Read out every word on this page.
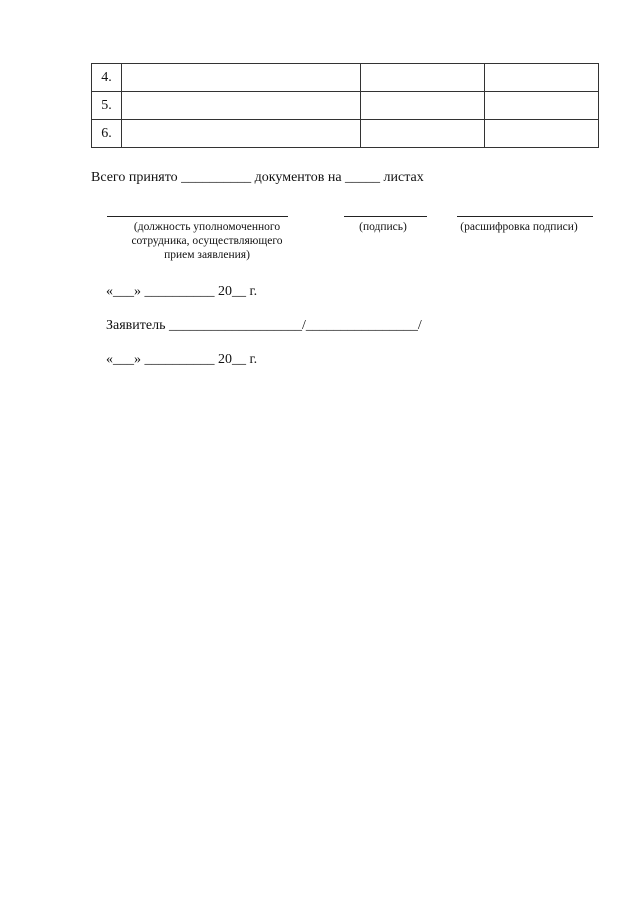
4.			
5.			
6.			
Всего принято __________ документов на _____ листах
(должность уполномоченного
сотрудника, осуществляющего
прием заявления)
(подпись)	(расшифровка подписи)
«___» __________ 20__ г.
Заявитель ___________________/________________/
«___» __________ 20__ г.
